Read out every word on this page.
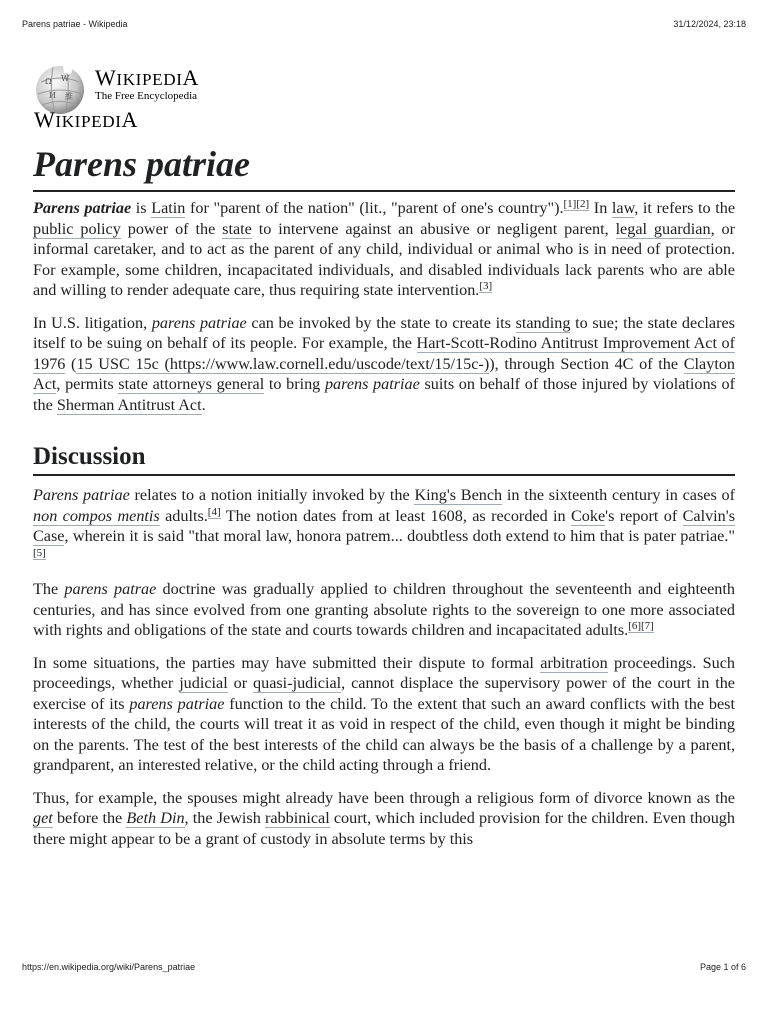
Parens patriae - Wikipedia	31/12/2024, 23:18
Ω W
И 維
WIKIPEDIA
The Free Encyclopedia
WIKIPEDIA
Parens patriae

Parens patriae is Latin for "parent of the nation" (lit., "parent of one's country").[1][2] In law, it refers to the public policy power of the state to intervene against an abusive or negligent parent, legal guardian, or informal caretaker, and to act as the parent of any child, individual or animal who is in need of protection. For example, some children, incapacitated individuals, and disabled individuals lack parents who are able and willing to render adequate care, thus requiring state intervention.[3]

In U.S. litigation, parens patriae can be invoked by the state to create its standing to sue; the state declares itself to be suing on behalf of its people. For example, the Hart-Scott-Rodino Antitrust Improvement Act of 1976 (15 USC 15c (https://www.law.cornell.edu/uscode/text/15/15c-)), through Section 4C of the Clayton Act, permits state attorneys general to bring parens patriae suits on behalf of those injured by violations of the Sherman Antitrust Act.

Discussion

Parens patriae relates to a notion initially invoked by the King's Bench in the sixteenth century in cases of non compos mentis adults.[4] The notion dates from at least 1608, as recorded in Coke's report of Calvin's Case, wherein it is said "that moral law, honora patrem... doubtless doth extend to him that is pater patriae."[5]

The parens patrae doctrine was gradually applied to children throughout the seventeenth and eighteenth centuries, and has since evolved from one granting absolute rights to the sovereign to one more associated with rights and obligations of the state and courts towards children and incapacitated adults.[6][7]

In some situations, the parties may have submitted their dispute to formal arbitration proceedings. Such proceedings, whether judicial or quasi-judicial, cannot displace the supervisory power of the court in the exercise of its parens patriae function to the child. To the extent that such an award conflicts with the best interests of the child, the courts will treat it as void in respect of the child, even though it might be binding on the parents. The test of the best interests of the child can always be the basis of a challenge by a parent, grandparent, an interested relative, or the child acting through a friend.

Thus, for example, the spouses might already have been through a religious form of divorce known as the get before the Beth Din, the Jewish rabbinical court, which included provision for the children. Even though there might appear to be a grant of custody in absolute terms by this

https://en.wikipedia.org/wiki/Parens_patriae	Page 1 of 6
